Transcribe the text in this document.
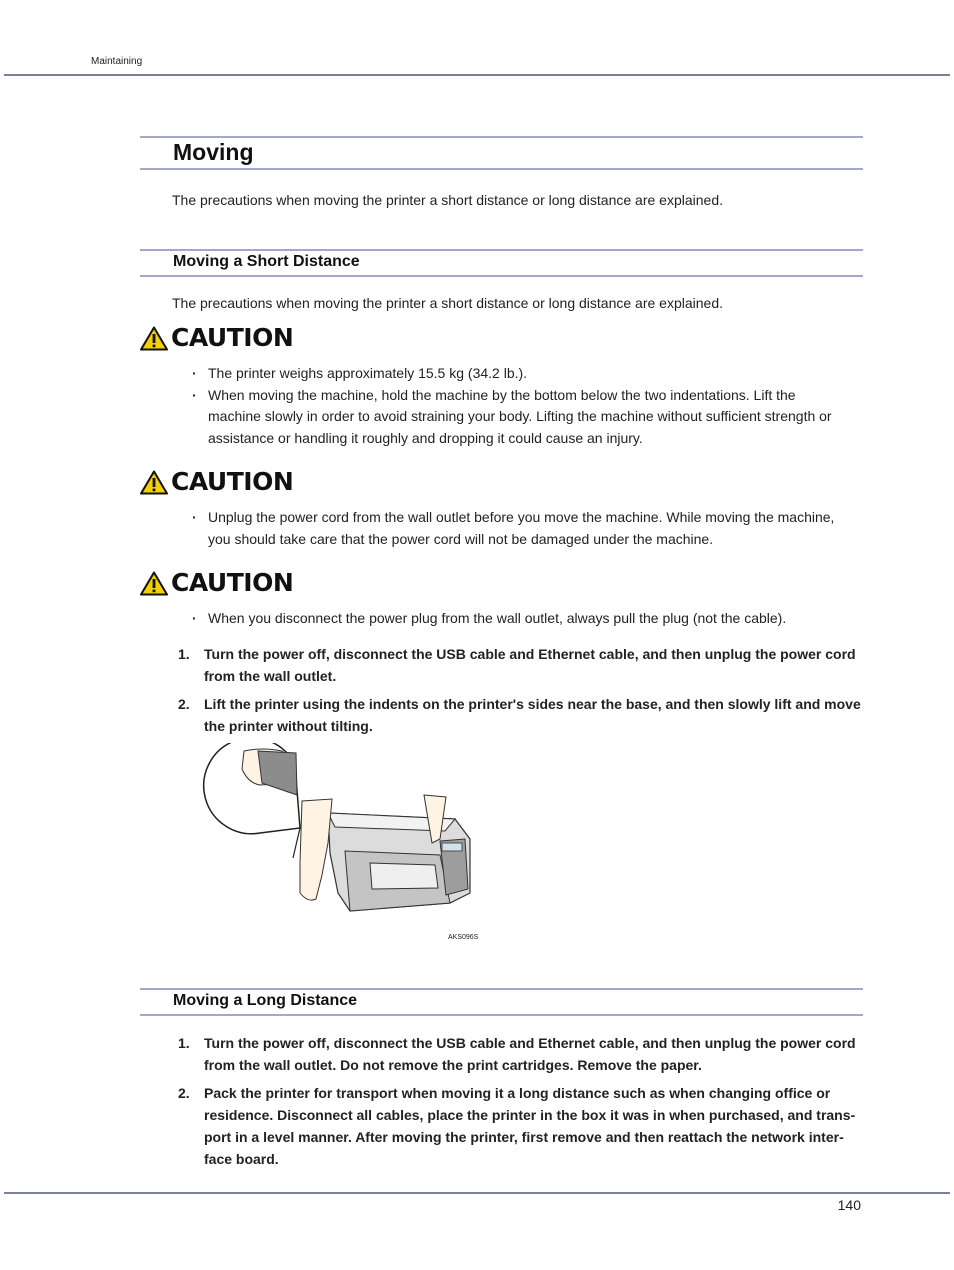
Maintaining
Moving
The precautions when moving the printer a short distance or long distance are explained.
Moving a Short Distance
The precautions when moving the printer a short distance or long distance are explained.
CAUTION
· The printer weighs approximately 15.5 kg (34.2 lb.).
· When moving the machine, hold the machine by the bottom below the two indentations. Lift the machine slowly in order to avoid straining your body. Lifting the machine without sufficient strength or assistance or handling it roughly and dropping it could cause an injury.
CAUTION
· Unplug the power cord from the wall outlet before you move the machine. While moving the machine, you should take care that the power cord will not be damaged under the machine.
CAUTION
· When you disconnect the power plug from the wall outlet, always pull the plug (not the cable).
1. Turn the power off, disconnect the USB cable and Ethernet cable, and then unplug the power cord from the wall outlet.
2. Lift the printer using the indents on the printer's sides near the base, and then slowly lift and move the printer without tilting.
AKS096S
Moving a Long Distance
1. Turn the power off, disconnect the USB cable and Ethernet cable, and then unplug the power cord from the wall outlet. Do not remove the print cartridges. Remove the paper.
2. Pack the printer for transport when moving it a long distance such as when changing office or residence. Disconnect all cables, place the printer in the box it was in when purchased, and trans-port in a level manner. After moving the printer, first remove and then reattach the network inter-face board.
140
